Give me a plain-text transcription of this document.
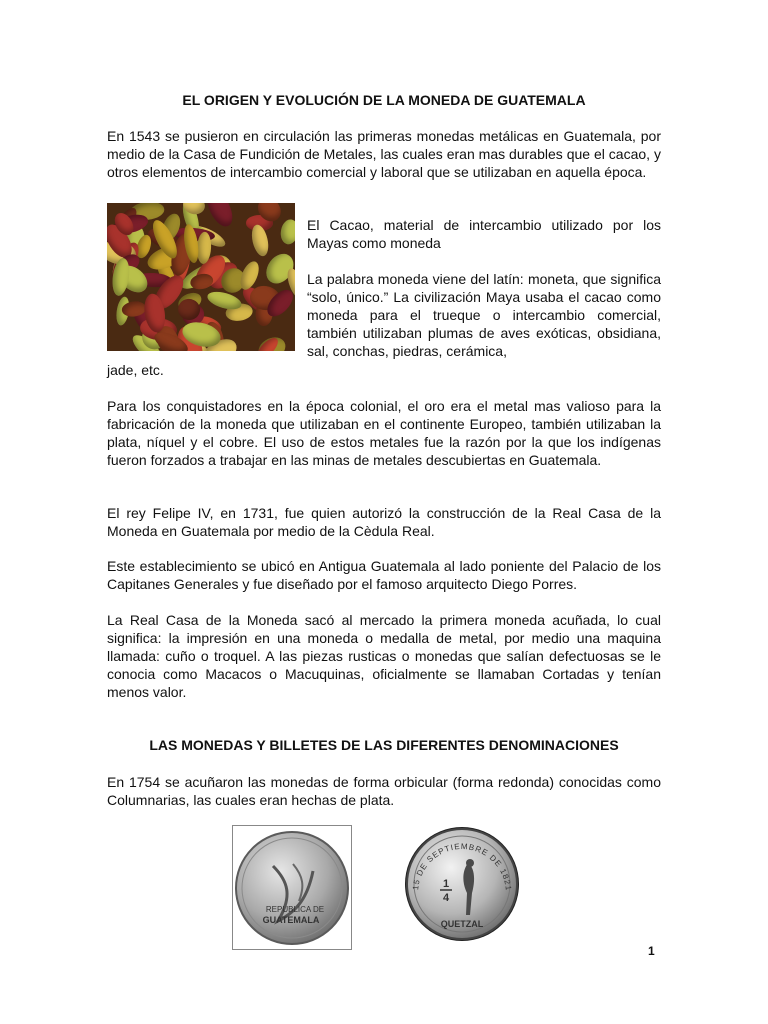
EL ORIGEN Y EVOLUCIÓN DE LA MONEDA DE GUATEMALA

En 1543 se pusieron en circulación las primeras monedas metálicas en Guatemala, por medio de la Casa de Fundición de Metales, las cuales eran mas durables que el cacao, y otros elementos de intercambio comercial y laboral que se utilizaban en aquella época.

El Cacao, material de intercambio utilizado por los Mayas como moneda

La palabra moneda viene del latín: moneta, que significa “solo, único.” La civilización Maya usaba el cacao como moneda para el trueque o intercambio comercial, también utilizaban plumas de aves exóticas, obsidiana, sal, conchas, piedras, cerámica,

jade, etc.

Para los conquistadores en la época colonial, el oro era el metal mas valioso para la fabricación de la moneda que utilizaban en el continente Europeo, también utilizaban la plata, níquel y el cobre. El uso de estos metales fue la razón por la que los indígenas fueron forzados a trabajar en las minas de metales descubiertas en Guatemala.

El rey Felipe IV, en 1731, fue quien autorizó la construcción de la Real Casa de la Moneda en Guatemala por medio de la Cèdula Real.

Este establecimiento se ubicó en Antigua Guatemala al lado poniente del Palacio de los Capitanes Generales y fue diseñado por el famoso arquitecto Diego Porres.

La Real Casa de la Moneda sacó al mercado la primera moneda acuñada, lo cual significa: la impresión en una moneda o medalla de metal, por medio una maquina llamada: cuño o troquel. A las piezas rusticas o monedas que salían defectuosas se le conocia como Macacos o Macuquinas, oficialmente se llamaban Cortadas y tenían menos valor.

LAS MONEDAS Y BILLETES DE LAS DIFERENTES DENOMINACIONES

En 1754 se acuñaron las monedas de forma orbicular (forma redonda) conocidas como Columnarias, las cuales eran hechas de plata.

REPUBLICA DE
GUATEMALA
15 DE SEPTIEMBRE DE 1821
1
4
QUETZAL
1
